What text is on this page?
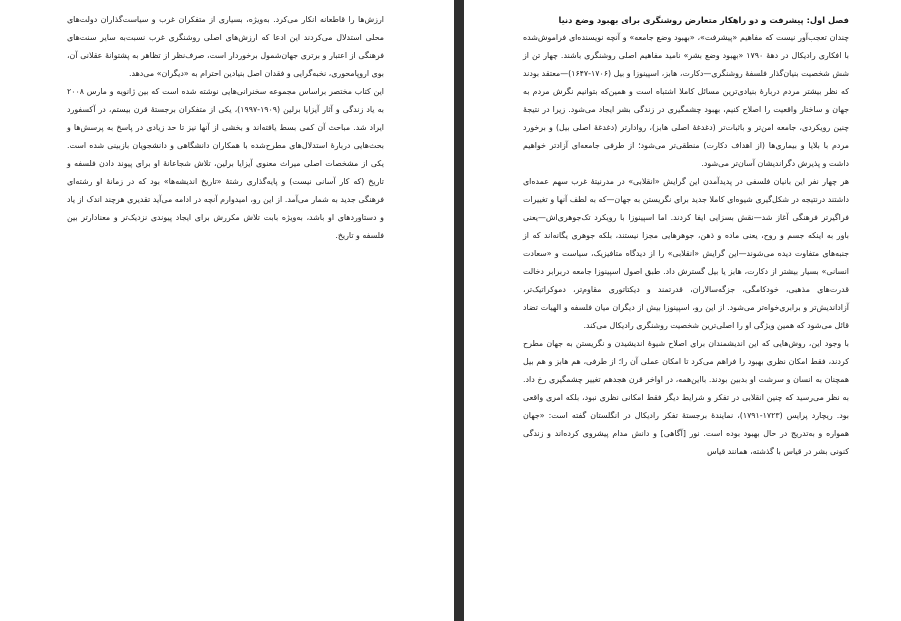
ارزش‌ها را قاطعانه انکار می‌کرد. به‌ویژه، بسیاری از متفکران غرب و سیاست‌گذاران دولت‌های محلی استدلال می‌کردند این ادعا که ارزش‌های اصلی روشنگری غرب نسبت‌به سایر سنت‌های فرهنگی از اعتبار و برتری جهان‌شمول برخوردار است، صرف‌نظر از تظاهر به پشتوانهٔ عقلانی آن، بوی اروپامحوری، نخبه‌گرایی و فقدان اصل بنیادین احترام به «دیگران» می‌دهد.

این کتاب مختصر براساس مجموعه سخنرانی‌هایی نوشته شده است که بین ژانویه و مارس ۲۰۰۸ به یاد زندگی و آثار آیزایا برلین (۱۹۰۹-۱۹۹۷)، یکی از متفکران برجستهٔ قرن بیستم، در آکسفورد ایراد شد. مباحث آن کمی بسط یافته‌اند و بخشی از آنها نیز تا حد زیادی در پاسخ به پرسش‌ها و بحث‌هایی دربارهٔ استدلال‌های مطرح‌شده با همکاران دانشگاهی و دانشجویان بازبینی شده است. یکی از مشخصات اصلی میراث معنوی آیزایا برلین، تلاش شجاعانهٔ او برای پیوند دادن فلسفه و تاریخ (که کار آسانی نیست) و پایه‌گذاری رشتهٔ «تاریخ اندیشه‌ها» بود که در زمانهٔ او رشته‌ای فرهنگی جدید به شمار می‌آمد. از این رو، امیدوارم آنچه در ادامه می‌آید تقدیری هرچند اندک از یاد و دستاوردهای او باشد، به‌ویژه بابت تلاش مکررش برای ایجاد پیوندی نزدیک‌تر و معنادارتر بین فلسفه و تاریخ.

فصل اول: پیشرفت و دو راهکار متعارض روشنگری برای بهبود وضع دنیا

چندان تعجب‌آور نیست که مفاهیم «پیشرفت»، «بهبود وضع جامعه» و آنچه نویسنده‌ای فراموش‌شده با افکاری رادیکال در دههٔ ۱۷۹۰ «بهبود وضع بشر» نامید مفاهیم اصلی روشنگری باشند. چهار تن از شش شخصیت بنیان‌گذار فلسفهٔ روشنگری—دکارت، هابز، اسپینوزا و بیل (۱۷۰۶-۱۶۴۷)—معتقد بودند که نظر بیشتر مردم دربارهٔ بنیادی‌ترین مسائل کاملا اشتباه است و همین‌که بتوانیم نگرش مردم به جهان و ساختار واقعیت را اصلاح کنیم، بهبود چشمگیری در زندگی بشر ایجاد می‌شود. زیرا در نتیجهٔ چنین رویکردی، جامعه امن‌تر و باثبات‌تر (دغدغهٔ اصلی هابز)، روادارتر (دغدغهٔ اصلی بیل) و برخورد مردم با بلایا و بیماری‌ها (از اهداف دکارت) منطقی‌تر می‌شود؛ از طرفی جامعه‌ای آزادتر خواهیم داشت و پذیرش دگراندیشان آسان‌تر می‌شود.

هر چهار نفر این بانیان فلسفی در پدیدآمدن این گرایش «انقلابی» در مدرنیتهٔ غرب سهم عمده‌ای داشتند درنتیجه در شکل‌گیری شیوه‌ای کاملا جدید برای نگریستن به جهان—که به لطف آنها و تغییرات فراگیرتر فرهنگی آغاز شد—نقش بسزایی ایفا کردند. اما اسپینوزا با رویکرد تک‌جوهری‌اش—یعنی باور به اینکه جسم و روح، یعنی ماده و ذهن، جوهرهایی مجزا نیستند، بلکه جوهری یگانه‌اند که از جنبه‌های متفاوت دیده می‌شوند—این گرایش «انقلابی» را از دیدگاه متافیزیک، سیاست و «سعادت انسانی» بسیار بیشتر از دکارت، هابز یا بیل گسترش داد. طبق اصول اسپینوزا جامعه دربرابر دخالت قدرت‌های مذهبی، خودکامگی، جزگه‌سالاران، قدرتمند و دیکتاتوری مقاوم‌تر، دموکراتیک‌تر، آزاداندیش‌تر و برابری‌خواه‌تر می‌شود. از این رو، اسپینوزا بیش از دیگران میان فلسفه و الهیات تضاد قائل می‌شود که همین ویژگی او را اصلی‌ترین شخصیت روشنگری رادیکال می‌کند.

با وجود این، روش‌هایی که این اندیشمندان برای اصلاح شیوهٔ اندیشیدن و نگریستن به جهان مطرح کردند، فقط امکان نظری بهبود را فراهم می‌کرد تا امکان عملی آن را؛ از طرفی، هم هابز و هم بیل همچنان به انسان و سرشت او بدبین بودند. بااین‌همه، در اواخر قرن هجدهم تغییر چشمگیری رخ داد. به نظر می‌رسید که چنین انقلابی در تفکر و شرایط دیگر فقط امکانی نظری نبود، بلکه امری واقعی بود. ریچارد پرایس (۱۷۲۳-۱۷۹۱)، نمایندهٔ برجستهٔ تفکر رادیکال در انگلستان گفته است: «جهان همواره و به‌تدریج در حال بهبود بوده است. نور [آگاهی] و دانش مدام پیشروی کرده‌اند و زندگی کنونی بشر در قیاس با گذشته، همانند قیاس
